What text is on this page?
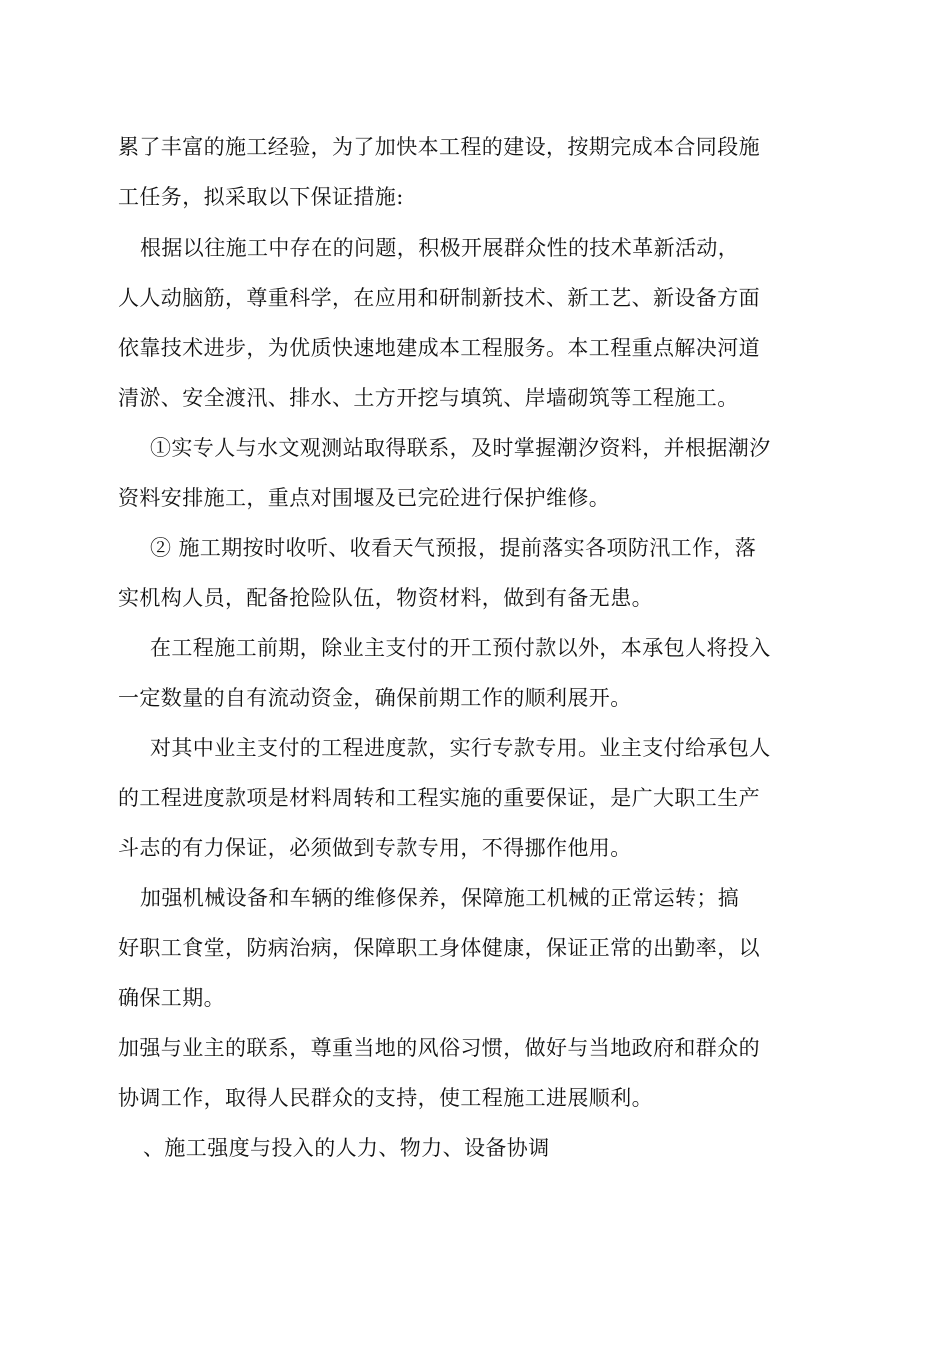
累了丰富的施工经验，为了加快本工程的建设，按期完成本合同段施
工任务，拟采取以下保证措施:
根据以往施工中存在的问题，积极开展群众性的技术革新活动，
人人动脑筋，尊重科学，在应用和研制新技术、新工艺、新设备方面
依靠技术进步，为优质快速地建成本工程服务。本工程重点解决河道
清淤、安全渡汛、排水、土方开挖与填筑、岸墙砌筑等工程施工。
①实专人与水文观测站取得联系，及时掌握潮汐资料，并根据潮汐
资料安排施工，重点对围堰及已完砼进行保护维修。
② 施工期按时收听、收看天气预报，提前落实各项防汛工作，落
实机构人员，配备抢险队伍，物资材料，做到有备无患。
在工程施工前期，除业主支付的开工预付款以外，本承包人将投入
一定数量的自有流动资金，确保前期工作的顺利展开。
对其中业主支付的工程进度款，实行专款专用。业主支付给承包人
的工程进度款项是材料周转和工程实施的重要保证，是广大职工生产
斗志的有力保证，必须做到专款专用，不得挪作他用。
加强机械设备和车辆的维修保养，保障施工机械的正常运转；搞
好职工食堂，防病治病，保障职工身体健康，保证正常的出勤率，以
确保工期。
加强与业主的联系，尊重当地的风俗习惯，做好与当地政府和群众的
协调工作，取得人民群众的支持，使工程施工进展顺利。
、施工强度与投入的人力、物力、设备协调
